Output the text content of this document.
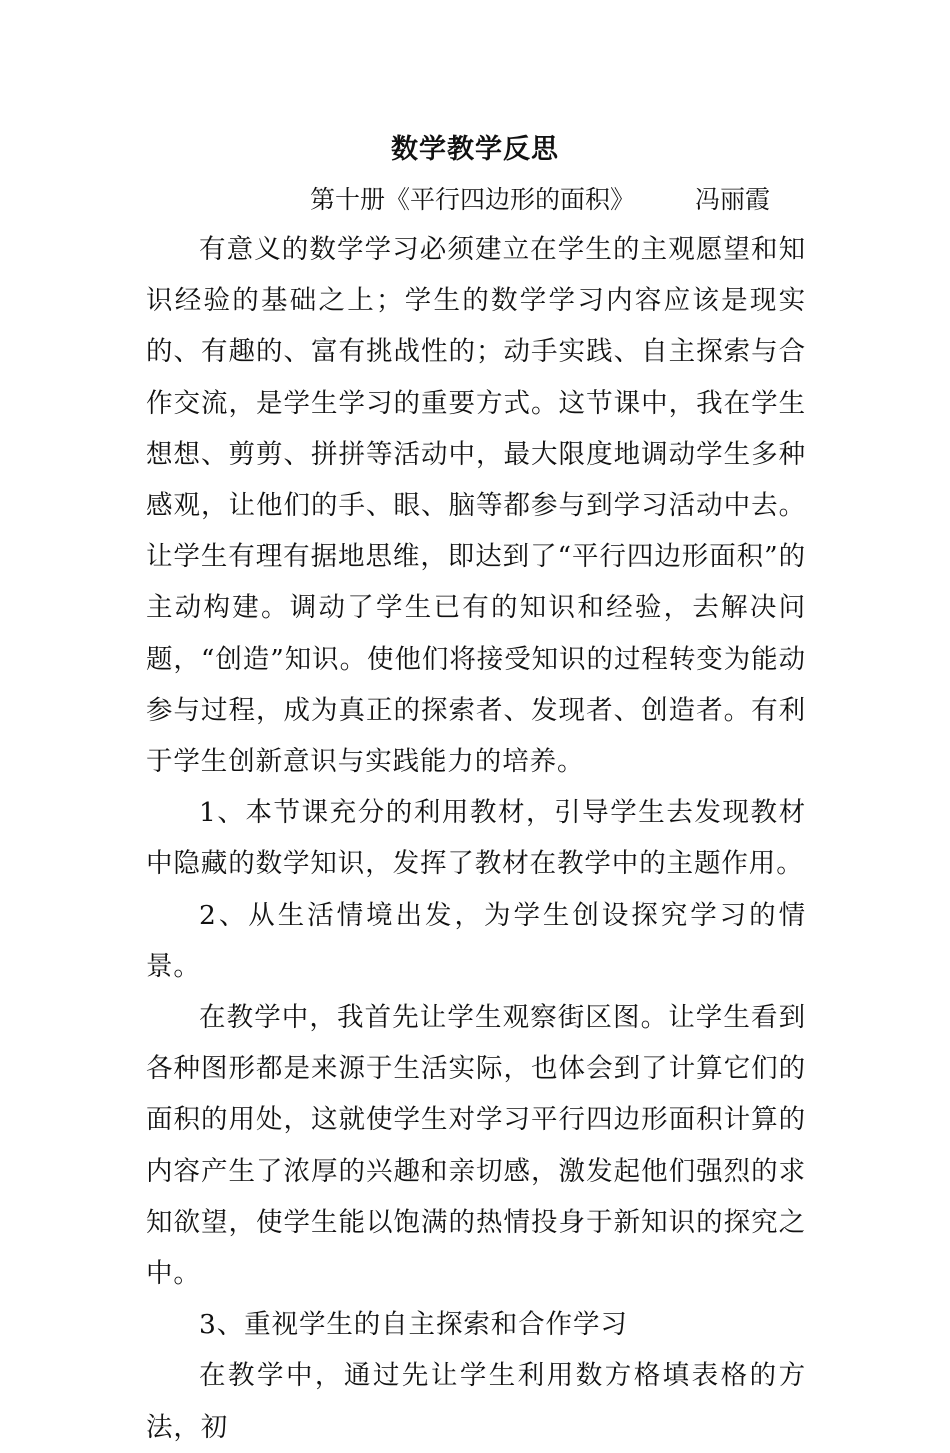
数学教学反思
第十册《平行四边形的面积》 冯丽霞

有意义的数学学习必须建立在学生的主观愿望和知识经验的基础之上；学生的数学学习内容应该是现实的、有趣的、富有挑战性的；动手实践、自主探索与合作交流，是学生学习的重要方式。这节课中，我在学生想想、剪剪、拼拼等活动中，最大限度地调动学生多种感观，让他们的手、眼、脑等都参与到学习活动中去。让学生有理有据地思维，即达到了“平行四边形面积”的主动构建。调动了学生已有的知识和经验，去解决问题，“创造”知识。使他们将接受知识的过程转变为能动参与过程，成为真正的探索者、发现者、创造者。有利于学生创新意识与实践能力的培养。

1、本节课充分的利用教材，引导学生去发现教材中隐藏的数学知识，发挥了教材在教学中的主题作用。

2、从生活情境出发，为学生创设探究学习的情景。

在教学中，我首先让学生观察街区图。让学生看到各种图形都是来源于生活实际，也体会到了计算它们的面积的用处，这就使学生对学习平行四边形面积计算的内容产生了浓厚的兴趣和亲切感，激发起他们强烈的求知欲望，使学生能以饱满的热情投身于新知识的探究之中。

3、重视学生的自主探索和合作学习

在教学中，通过先让学生利用数方格填表格的方法，初
